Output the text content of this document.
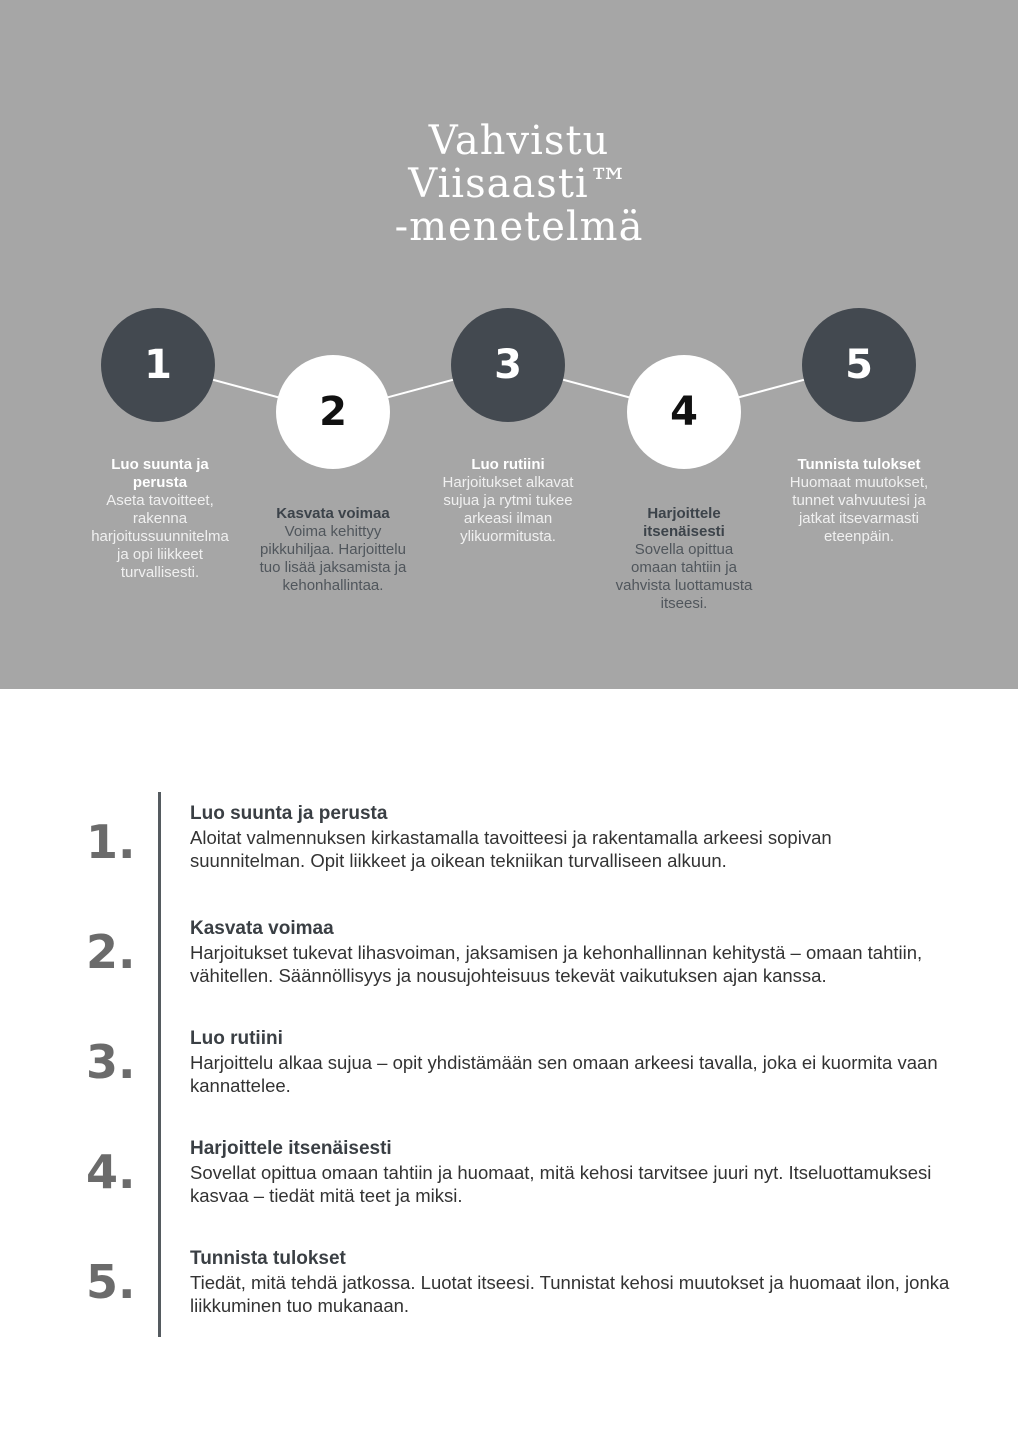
Vahvistu
Viisaasti™
-menetelmä
1
2
3
4
5
Luo suunta ja perusta
Aseta tavoitteet, rakenna harjoitussuunnitelma ja opi liikkeet turvallisesti.
Kasvata voimaa
Voima kehittyy pikkuhiljaa. Harjoittelu tuo lisää jaksamista ja kehonhallintaa.
Luo rutiini
Harjoitukset alkavat sujua ja rytmi tukee arkeasi ilman ylikuormitusta.
Harjoittele itsenäisesti
Sovella opittua omaan tahtiin ja vahvista luottamusta itseesi.
Tunnista tulokset
Huomaat muutokset, tunnet vahvuutesi ja jatkat itsevarmasti eteenpäin.
1.
Luo suunta ja perusta
Aloitat valmennuksen kirkastamalla tavoitteesi ja rakentamalla arkeesi sopivan suunnitelman. Opit liikkeet ja oikean tekniikan turvalliseen alkuun.
2.	Kasvata voimaa
Harjoitukset tukevat lihasvoiman, jaksamisen ja kehonhallinnan kehitystä – omaan tahtiin, vähitellen. Säännöllisyys ja nousujohteisuus tekevät vaikutuksen ajan kanssa.
3.	Luo rutiini
Harjoittelu alkaa sujua – opit yhdistämään sen omaan arkeesi tavalla, joka ei kuormita vaan kannattelee.
4.	Harjoittele itsenäisesti
Sovellat opittua omaan tahtiin ja huomaat, mitä kehosi tarvitsee juuri nyt. Itseluottamuksesi kasvaa – tiedät mitä teet ja miksi.
5.	Tunnista tulokset
Tiedät, mitä tehdä jatkossa. Luotat itseesi. Tunnistat kehosi muutokset ja huomaat ilon, jonka liikkuminen tuo mukanaan.
